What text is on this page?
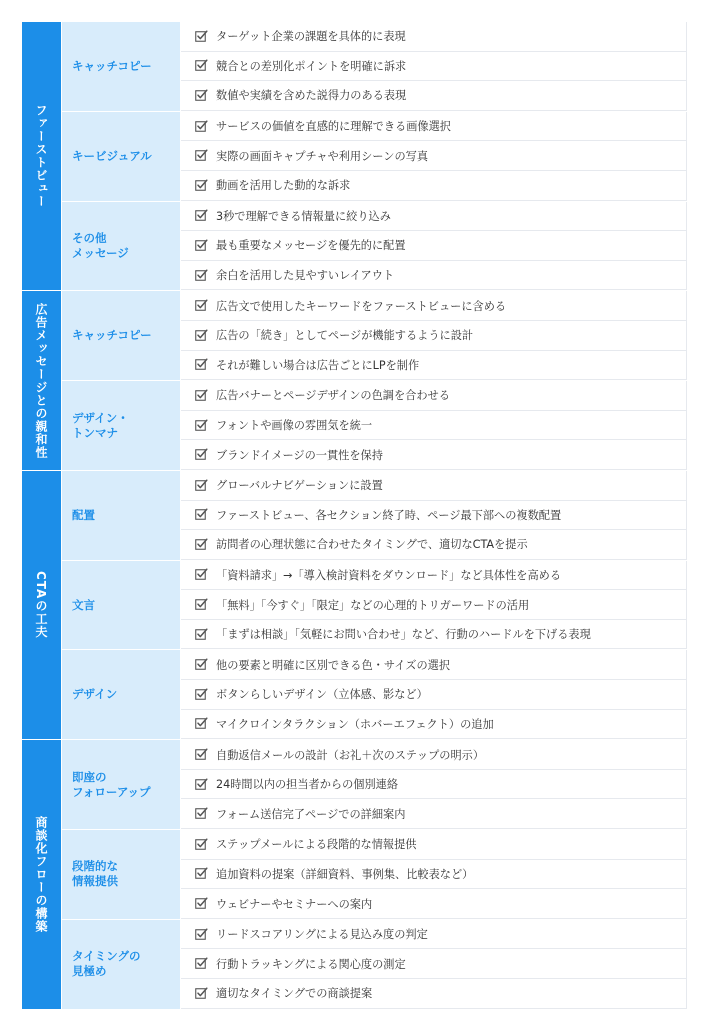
ファーストビュー
キャッチコピー
ターゲット企業の課題を具体的に表現
競合との差別化ポイントを明確に訴求
数値や実績を含めた説得力のある表現
キービジュアル
サービスの価値を直感的に理解できる画像選択
実際の画面キャプチャや利用シーンの写真
動画を活用した動的な訴求
その他
メッセージ
3秒で理解できる情報量に絞り込み
最も重要なメッセージを優先的に配置
余白を活用した見やすいレイアウト
広告メッセージとの親和性	キャッチコピー
広告文で使用したキーワードをファーストビューに含める
広告の「続き」としてページが機能するように設計
それが難しい場合は広告ごとにLPを制作
デザイン・
トンマナ
広告バナーとページデザインの色調を合わせる
フォントや画像の雰囲気を統一
ブランドイメージの一貫性を保持
CTAの工夫
配置
グローバルナビゲーションに設置
ファーストビュー、各セクション終了時、ページ最下部への複数配置
訪問者の心理状態に合わせたタイミングで、適切なCTAを提示
文言
「資料請求」→「導入検討資料をダウンロード」など具体性を高める
「無料」「今すぐ」「限定」などの心理的トリガーワードの活用
「まずは相談」「気軽にお問い合わせ」など、行動のハードルを下げる表現
デザイン
他の要素と明確に区別できる色・サイズの選択
ボタンらしいデザイン（立体感、影など）
マイクロインタラクション（ホバーエフェクト）の追加
商談化フローの構築
即座の
フォローアップ
自動返信メールの設計（お礼＋次のステップの明示）
24時間以内の担当者からの個別連絡
フォーム送信完了ページでの詳細案内
段階的な
情報提供
ステップメールによる段階的な情報提供
追加資料の提案（詳細資料、事例集、比較表など）
ウェビナーやセミナーへの案内
タイミングの
見極め
リードスコアリングによる見込み度の判定
行動トラッキングによる関心度の測定
適切なタイミングでの商談提案
